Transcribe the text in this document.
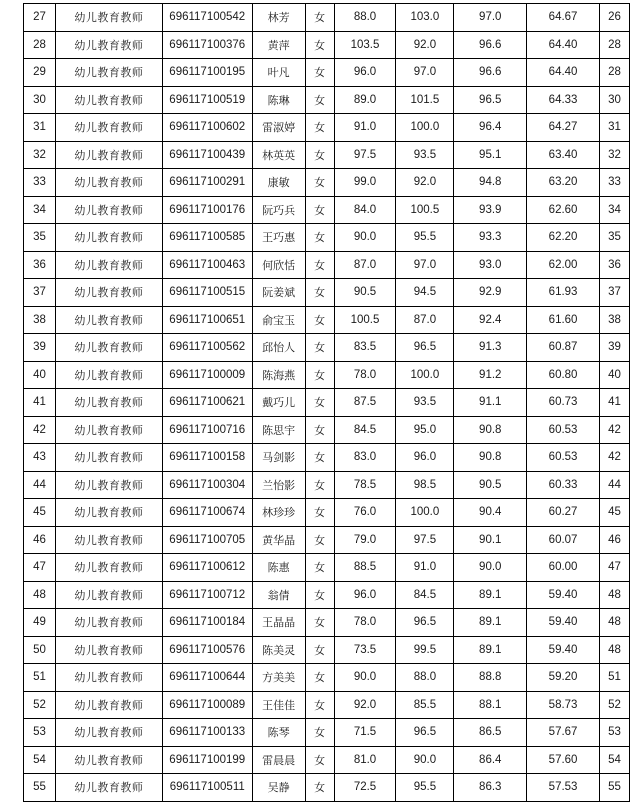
27	幼儿教育教师	696117100542	林芳	女	88.0	103.0	97.0	64.67	26
28	幼儿教育教师	696117100376	黄萍	女	103.5	92.0	96.6	64.40	28
29	幼儿教育教师	696117100195	叶凡	女	96.0	97.0	96.6	64.40	28
30	幼儿教育教师	696117100519	陈琳	女	89.0	101.5	96.5	64.33	30
31	幼儿教育教师	696117100602	雷淑婷	女	91.0	100.0	96.4	64.27	31
32	幼儿教育教师	696117100439	林英英	女	97.5	93.5	95.1	63.40	32
33	幼儿教育教师	696117100291	康敏	女	99.0	92.0	94.8	63.20	33
34	幼儿教育教师	696117100176	阮巧兵	女	84.0	100.5	93.9	62.60	34
35	幼儿教育教师	696117100585	王巧惠	女	90.0	95.5	93.3	62.20	35
36	幼儿教育教师	696117100463	何欣恬	女	87.0	97.0	93.0	62.00	36
37	幼儿教育教师	696117100515	阮姜斌	女	90.5	94.5	92.9	61.93	37
38	幼儿教育教师	696117100651	俞宝玉	女	100.5	87.0	92.4	61.60	38
39	幼儿教育教师	696117100562	邱怡人	女	83.5	96.5	91.3	60.87	39
40	幼儿教育教师	696117100009	陈海燕	女	78.0	100.0	91.2	60.80	40
41	幼儿教育教师	696117100621	戴巧儿	女	87.5	93.5	91.1	60.73	41
42	幼儿教育教师	696117100716	陈思宇	女	84.5	95.0	90.8	60.53	42
43	幼儿教育教师	696117100158	马剑影	女	83.0	96.0	90.8	60.53	42
44	幼儿教育教师	696117100304	兰怡影	女	78.5	98.5	90.5	60.33	44
45	幼儿教育教师	696117100674	林珍珍	女	76.0	100.0	90.4	60.27	45
46	幼儿教育教师	696117100705	黄华晶	女	79.0	97.5	90.1	60.07	46
47	幼儿教育教师	696117100612	陈惠	女	88.5	91.0	90.0	60.00	47
48	幼儿教育教师	696117100712	翁倩	女	96.0	84.5	89.1	59.40	48
49	幼儿教育教师	696117100184	王晶晶	女	78.0	96.5	89.1	59.40	48
50	幼儿教育教师	696117100576	陈美灵	女	73.5	99.5	89.1	59.40	48
51	幼儿教育教师	696117100644	方美美	女	90.0	88.0	88.8	59.20	51
52	幼儿教育教师	696117100089	王佳佳	女	92.0	85.5	88.1	58.73	52
53	幼儿教育教师	696117100133	陈琴	女	71.5	96.5	86.5	57.67	53
54	幼儿教育教师	696117100199	雷晨晨	女	81.0	90.0	86.4	57.60	54
55	幼儿教育教师	696117100511	吴静	女	72.5	95.5	86.3	57.53	55
